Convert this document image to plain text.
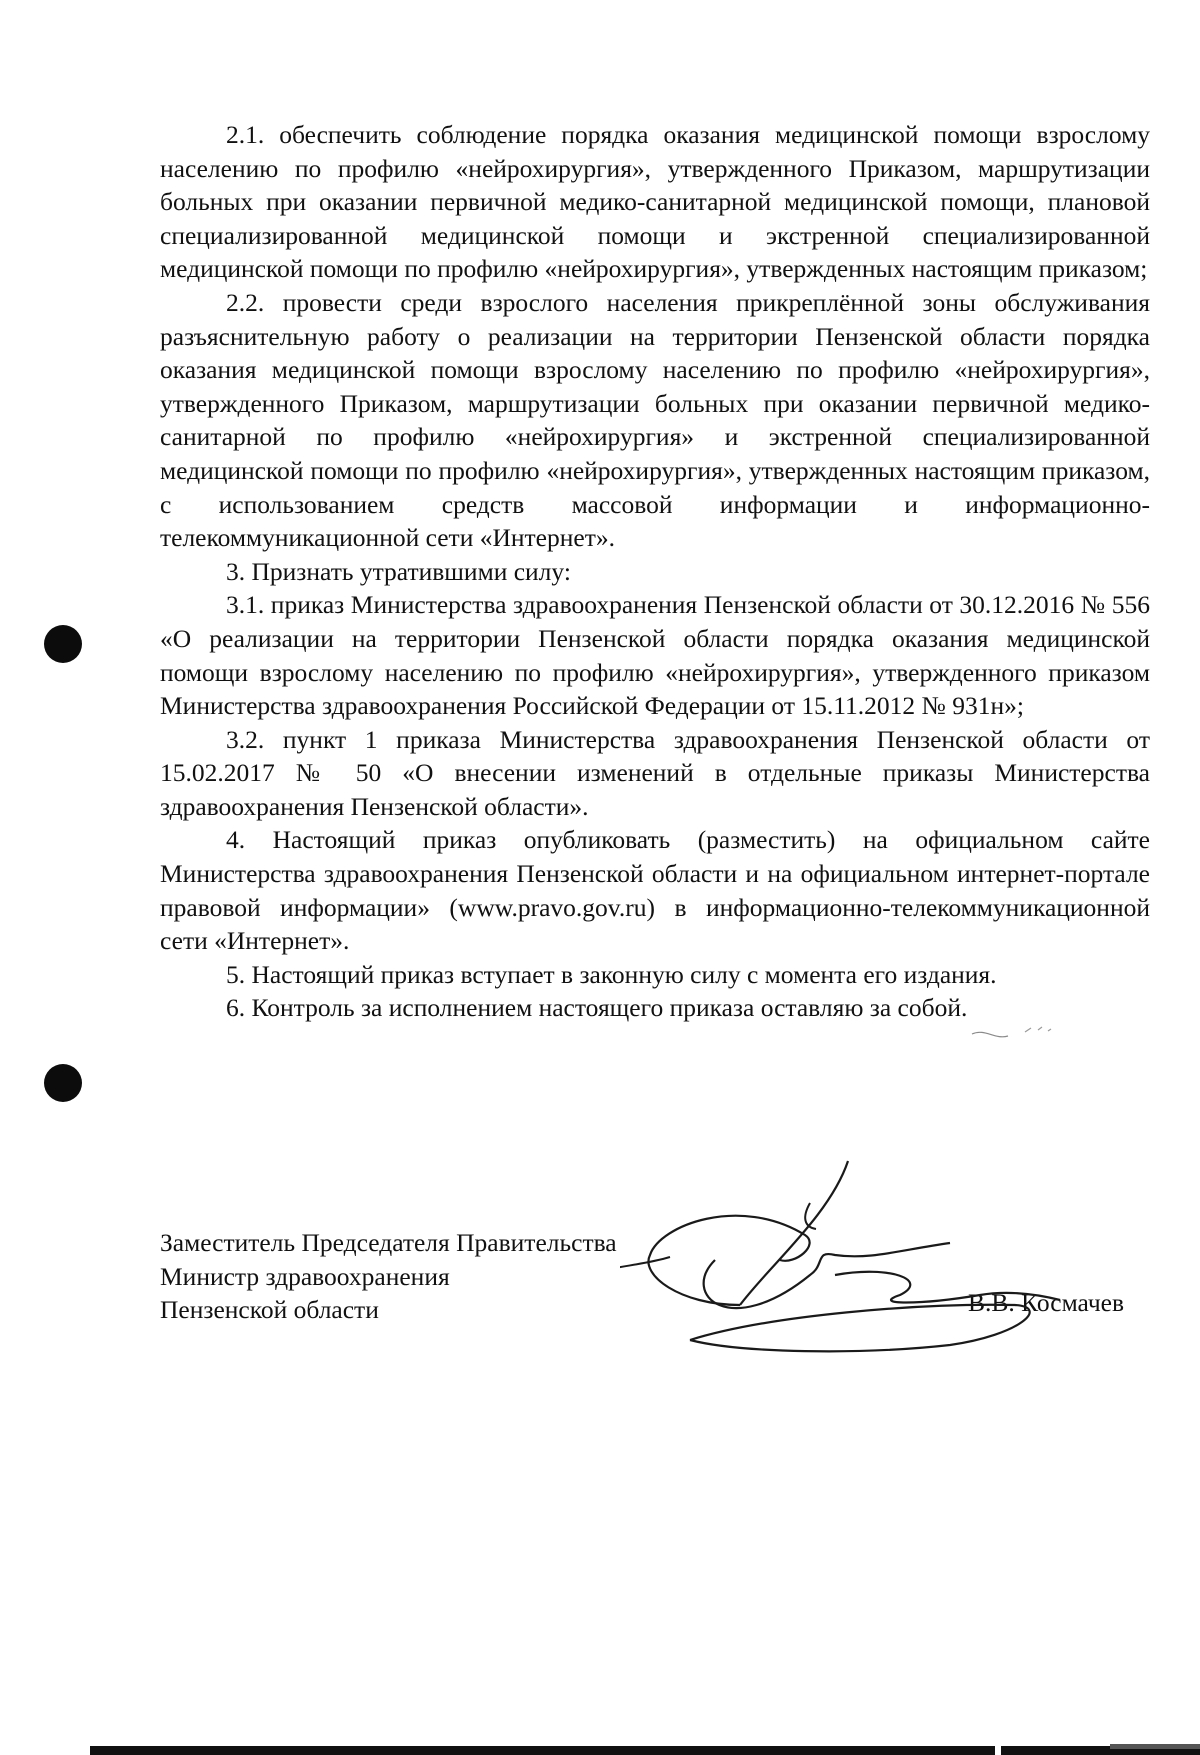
2.1. обеспечить соблюдение порядка оказания медицинской помощи взрослому населению по профилю «нейрохирургия», утвержденного Приказом, маршрутизации больных при оказании первичной медико-санитарной медицинской помощи, плановой специализированной медицинской помощи и экстренной специализированной медицинской помощи по профилю «нейрохирургия», утвержденных настоящим приказом;

2.2. провести среди взрослого населения прикреплённой зоны обслуживания разъяснительную работу о реализации на территории Пензенской области порядка оказания медицинской помощи взрослому населению по профилю «нейрохирургия», утвержденного Приказом, маршрутизации больных при оказании первичной медико-санитарной по профилю «нейрохирургия» и экстренной специализированной медицинской помощи по профилю «нейрохирургия», утвержденных настоящим приказом, с использованием средств массовой информации и информационно-телекоммуникационной сети «Интернет».

3. Признать утратившими силу:

3.1. приказ Министерства здравоохранения Пензенской области от 30.12.2016 № 556 «О реализации на территории Пензенской области порядка оказания медицинской помощи взрослому населению по профилю «нейрохирургия», утвержденного приказом Министерства здравоохранения Российской Федерации от 15.11.2012 № 931н»;

3.2. пункт 1 приказа Министерства здравоохранения Пензенской области от 15.02.2017 № 50 «О внесении изменений в отдельные приказы Министерства здравоохранения Пензенской области».

4. Настоящий приказ опубликовать (разместить) на официальном сайте Министерства здравоохранения Пензенской области и на официальном интернет-портале правовой информации» (www.pravo.gov.ru) в информационно-телекоммуникационной сети «Интернет».

5. Настоящий приказ вступает в законную силу с момента его издания.

6. Контроль за исполнением настоящего приказа оставляю за собой.

Заместитель Председателя Правительства
Министр здравоохранения
Пензенской области	В.В. Космачев
